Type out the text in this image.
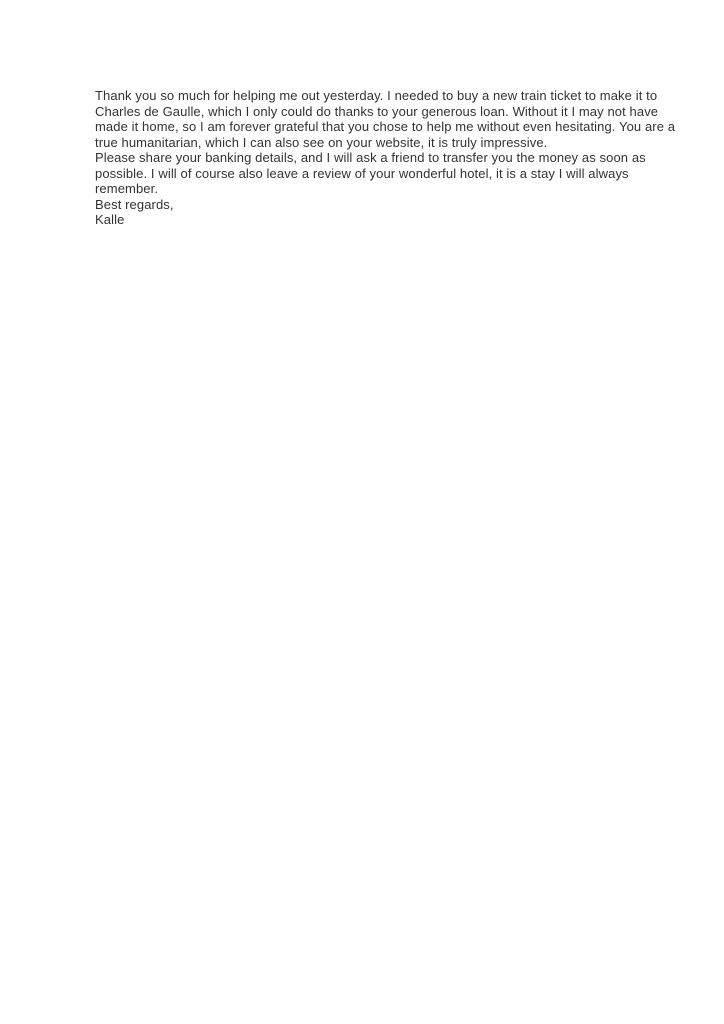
Thank you so much for helping me out yesterday. I needed to buy a new train ticket to make it to
Charles de Gaulle, which I only could do thanks to your generous loan. Without it I may not have
made it home, so I am forever grateful that you chose to help me without even hesitating. You are a
true humanitarian, which I can also see on your website, it is truly impressive.
Please share your banking details, and I will ask a friend to transfer you the money as soon as
possible. I will of course also leave a review of your wonderful hotel, it is a stay I will always
remember.
Best regards,
Kalle
